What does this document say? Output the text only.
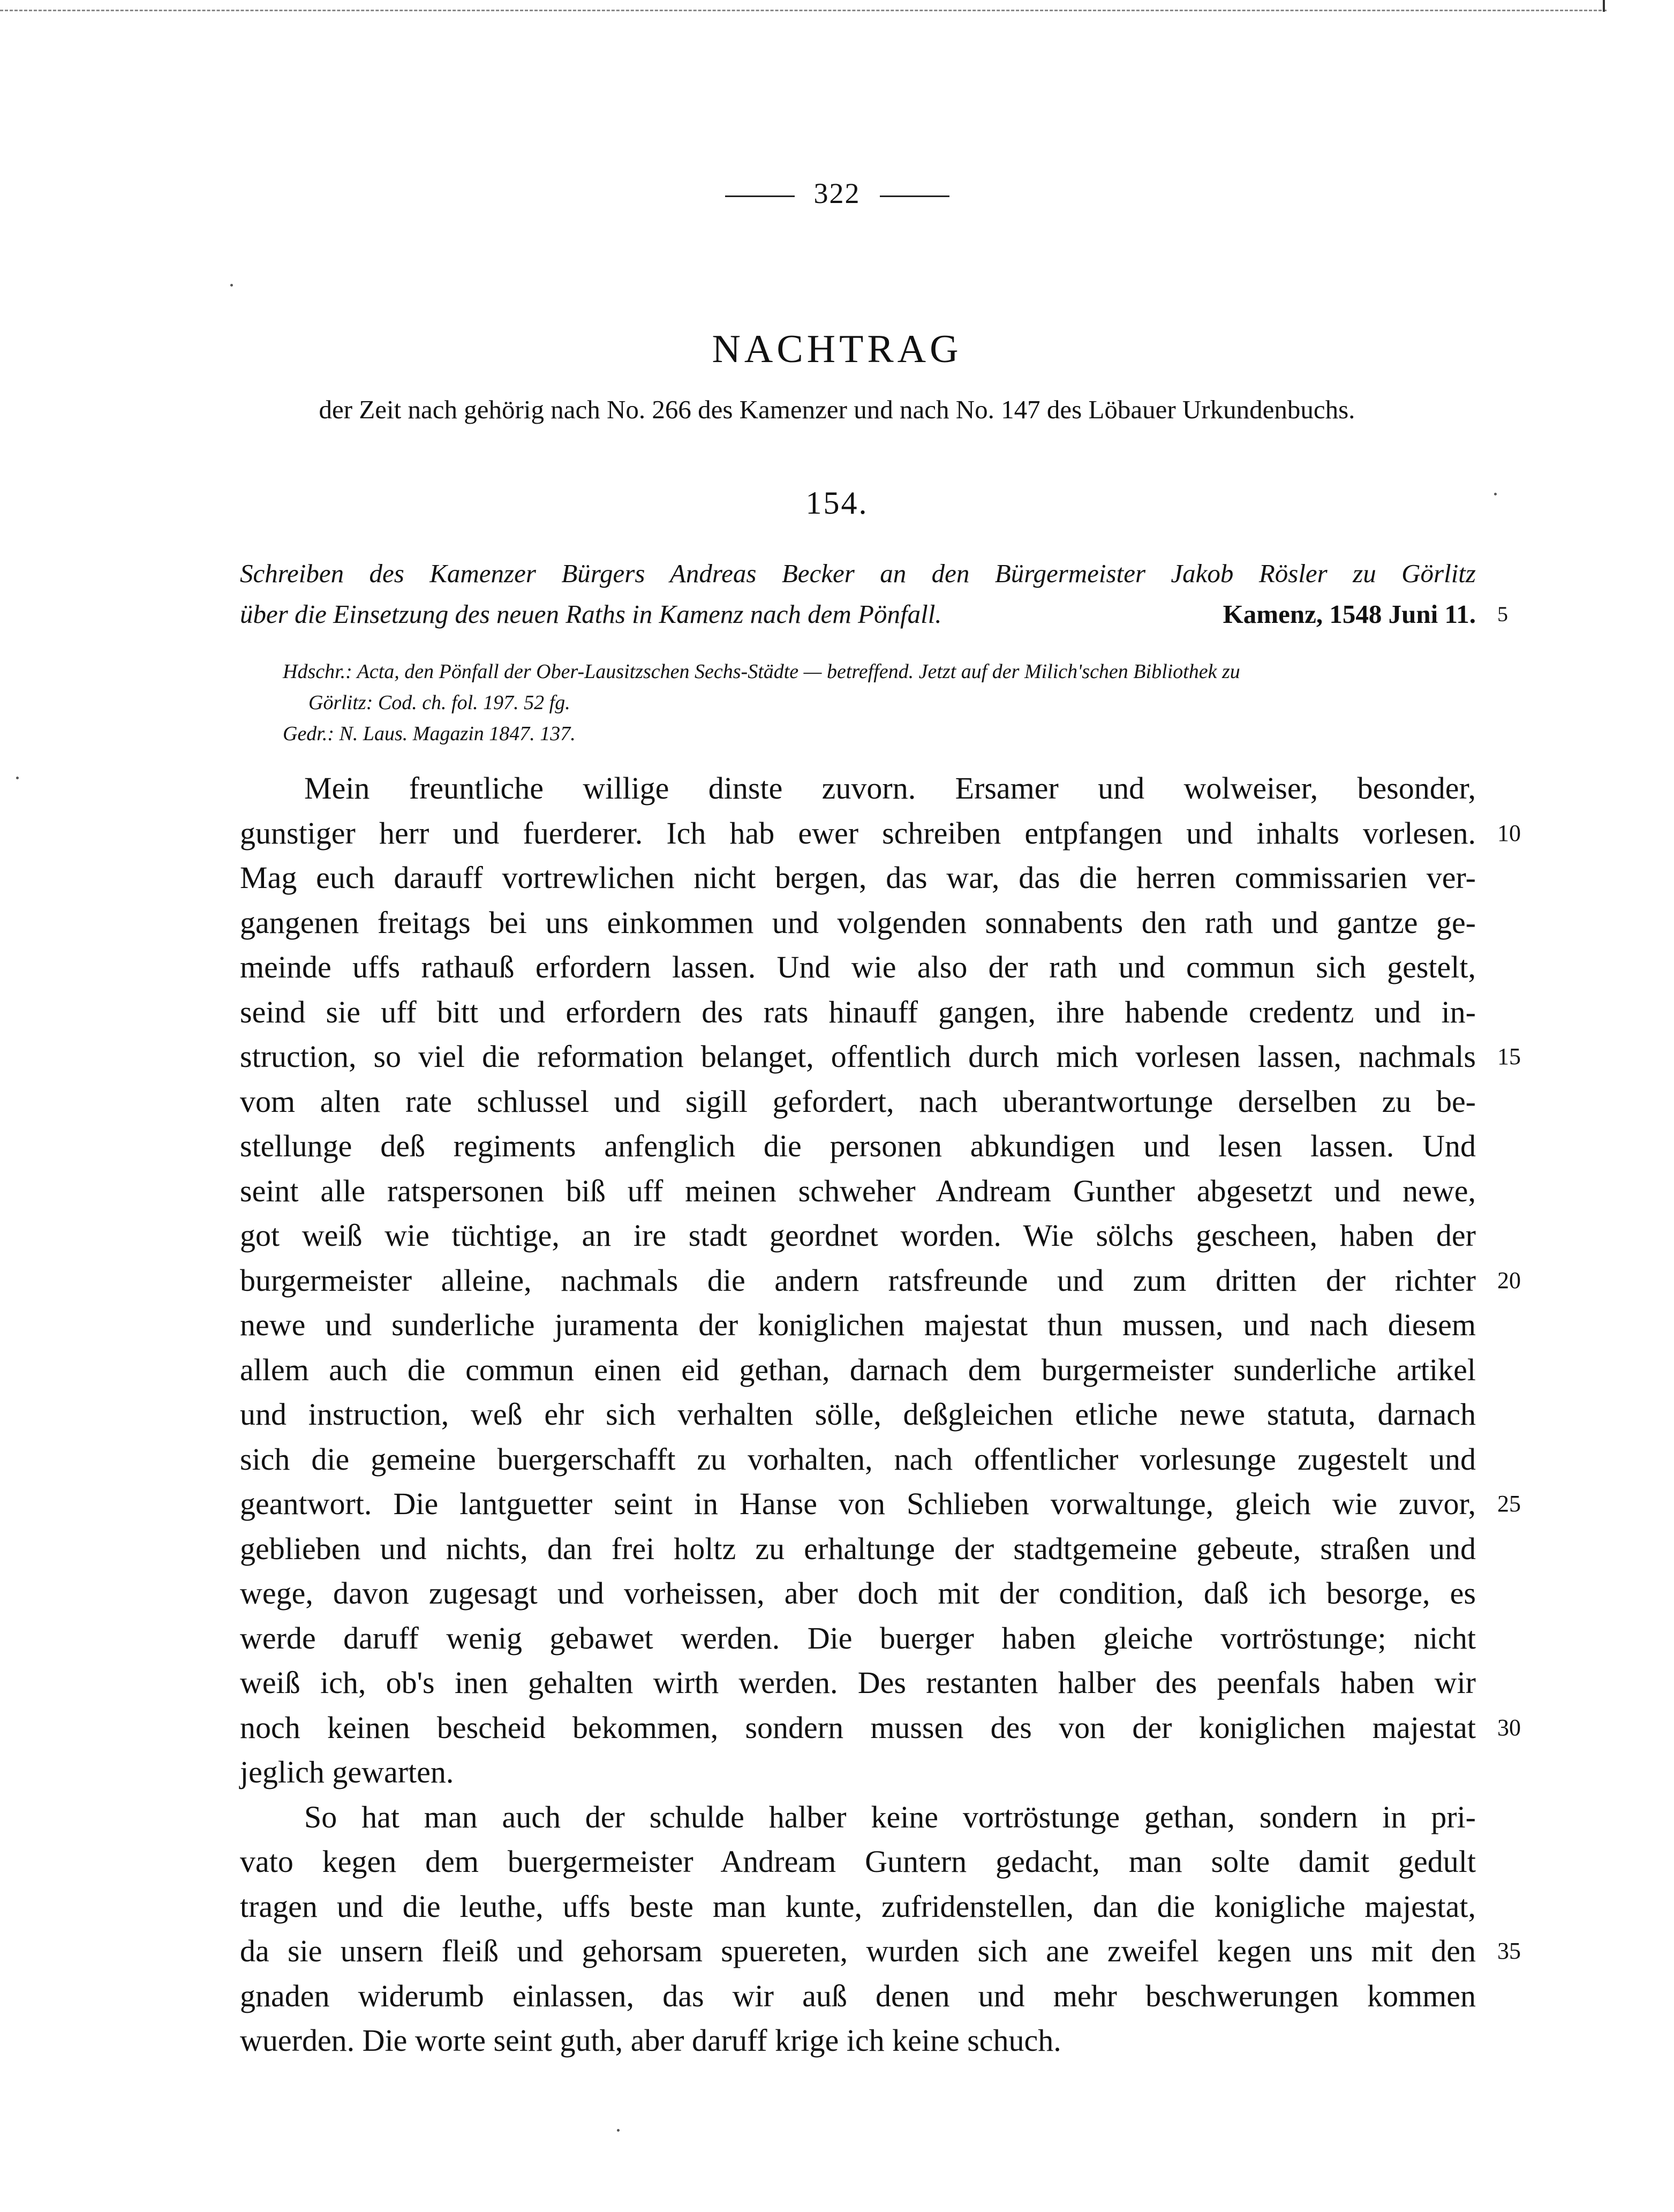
322
NACHTRAG
der Zeit nach gehörig nach No. 266 des Kamenzer und nach No. 147 des Löbauer Urkundenbuchs.
154.
Schreiben des Kamenzer Bürgers Andreas Becker an den Bürgermeister Jakob Rösler zu Görlitz
über die Einsetzung des neuen Raths in Kamenz nach dem Pönfall.	Kamenz, 1548 Juni 11. 5
Hdschr.: Acta, den Pönfall der Ober-Lausitzschen Sechs-Städte — betreffend. Jetzt auf der Milich'schen Bibliothek zu
Görlitz: Cod. ch. fol. 197. 52 fg.
Gedr.: N. Laus. Magazin 1847. 137.
Mein freuntliche willige dinste zuvorn. Ersamer und wolweiser, besonder,
gunstiger herr und fuerderer. Ich hab ewer schreiben entpfangen und inhalts vorlesen. 10
Mag euch darauff vortrewlichen nicht bergen, das war, das die herren commissarien ver-
gangenen freitags bei uns einkommen und volgenden sonnabents den rath und gantze ge-
meinde uffs rathauß erfordern lassen. Und wie also der rath und commun sich gestelt,
seind sie uff bitt und erfordern des rats hinauff gangen, ihre habende credentz und in-
struction, so viel die reformation belanget, offentlich durch mich vorlesen lassen, nachmals 15
vom alten rate schlussel und sigill gefordert, nach uberantwortunge derselben zu be-
stellunge deß regiments anfenglich die personen abkundigen und lesen lassen. Und
seint alle ratspersonen biß uff meinen schweher Andream Gunther abgesetzt und newe,
got weiß wie tüchtige, an ire stadt geordnet worden. Wie sölchs gescheen, haben der
burgermeister alleine, nachmals die andern ratsfreunde und zum dritten der richter 20
newe und sunderliche juramenta der koniglichen majestat thun mussen, und nach diesem
allem auch die commun einen eid gethan, darnach dem burgermeister sunderliche artikel
und instruction, weß ehr sich verhalten sölle, deßgleichen etliche newe statuta, darnach
sich die gemeine buergerschafft zu vorhalten, nach offentlicher vorlesunge zugestelt und
geantwort. Die lantguetter seint in Hanse von Schlieben vorwaltunge, gleich wie zuvor, 25
geblieben und nichts, dan frei holtz zu erhaltunge der stadtgemeine gebeute, straßen und
wege, davon zugesagt und vorheissen, aber doch mit der condition, daß ich besorge, es
werde daruff wenig gebawet werden. Die buerger haben gleiche vortröstunge; nicht
weiß ich, ob's inen gehalten wirth werden. Des restanten halber des peenfals haben wir
noch keinen bescheid bekommen, sondern mussen des von der koniglichen majestat 30
jeglich gewarten.
So hat man auch der schulde halber keine vortröstunge gethan, sondern in pri-
vato kegen dem buergermeister Andream Guntern gedacht, man solte damit gedult
tragen und die leuthe, uffs beste man kunte, zufridenstellen, dan die konigliche majestat,
da sie unsern fleiß und gehorsam spuereten, wurden sich ane zweifel kegen uns mit den 35
gnaden widerumb einlassen, das wir auß denen und mehr beschwerungen kommen
wuerden. Die worte seint guth, aber daruff krige ich keine schuch.
